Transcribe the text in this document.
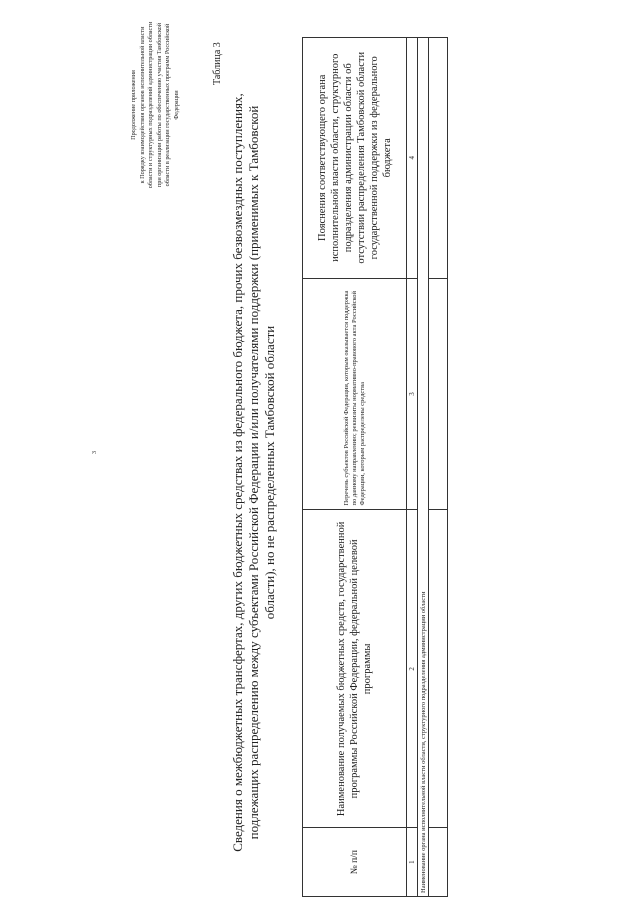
3
Продолжение приложения к Порядку взаимодействия органов исполнительной власти области и структурных подразделений администрации области при организации работы по обеспечению участия Тамбовской области в реализации государственных программ Российской Федерации
Таблица 3
Сведения о межбюджетных трансфертах, других бюджетных средствах из федерального бюджета, прочих безвозмездных поступлениях, подлежащих распределению между субъектами Российской Федерации и/или получателями поддержки (применимых к Тамбовской области), но не распределенных Тамбовской области
№ п/п	Наименование получаемых бюджетных средств, государственной программы Российской Федерации, федеральной целевой программы	Перечень субъектов Российской Федерации, которым оказывается поддержка по данному направлению; реквизиты нормативно-правового акта Российской Федерации, которым распределены средства	Пояснения соответствующего органа исполнительной власти области, структурного подразделения администрации области об отсутствии распределения Тамбовской области государственной поддержки из федерального бюджета
1	2	3	4
Наименование органа исполнительной власти области, структурного подразделения администрации области			
